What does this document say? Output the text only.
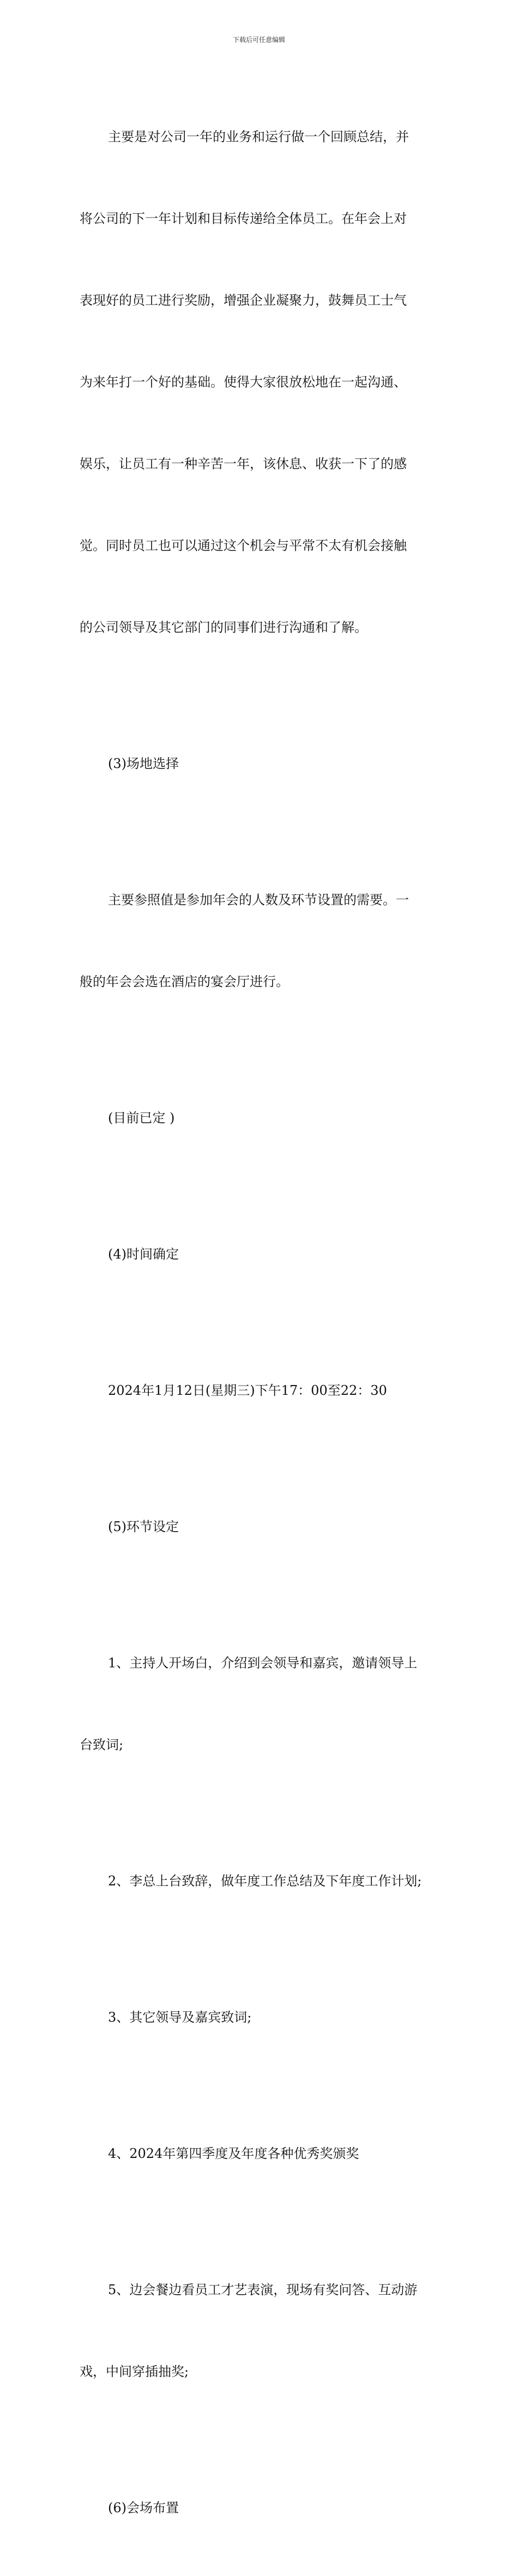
下载后可任意编辑

主要是对公司一年的业务和运行做一个回顾总结，并

将公司的下一年计划和目标传递给全体员工。在年会上对

表现好的员工进行奖励，增强企业凝聚力，鼓舞员工士气

为来年打一个好的基础。使得大家很放松地在一起沟通、

娱乐，让员工有一种辛苦一年，该休息、收获一下了的感

觉。同时员工也可以通过这个机会与平常不太有机会接触

的公司领导及其它部门的同事们进行沟通和了解。

(3)场地选择

主要参照值是参加年会的人数及环节设置的需要。一

般的年会会选在酒店的宴会厅进行。

(目前已定 )

(4)时间确定

2024年1月12日(星期三)下午17：00至22：30

(5)环节设定

1、主持人开场白，介绍到会领导和嘉宾，邀请领导上

台致词;

2、李总上台致辞，做年度工作总结及下年度工作计划;

3、其它领导及嘉宾致词;

4、2024年第四季度及年度各种优秀奖颁奖

5、边会餐边看员工才艺表演，现场有奖问答、互动游

戏，中间穿插抽奖;

(6)会场布置
